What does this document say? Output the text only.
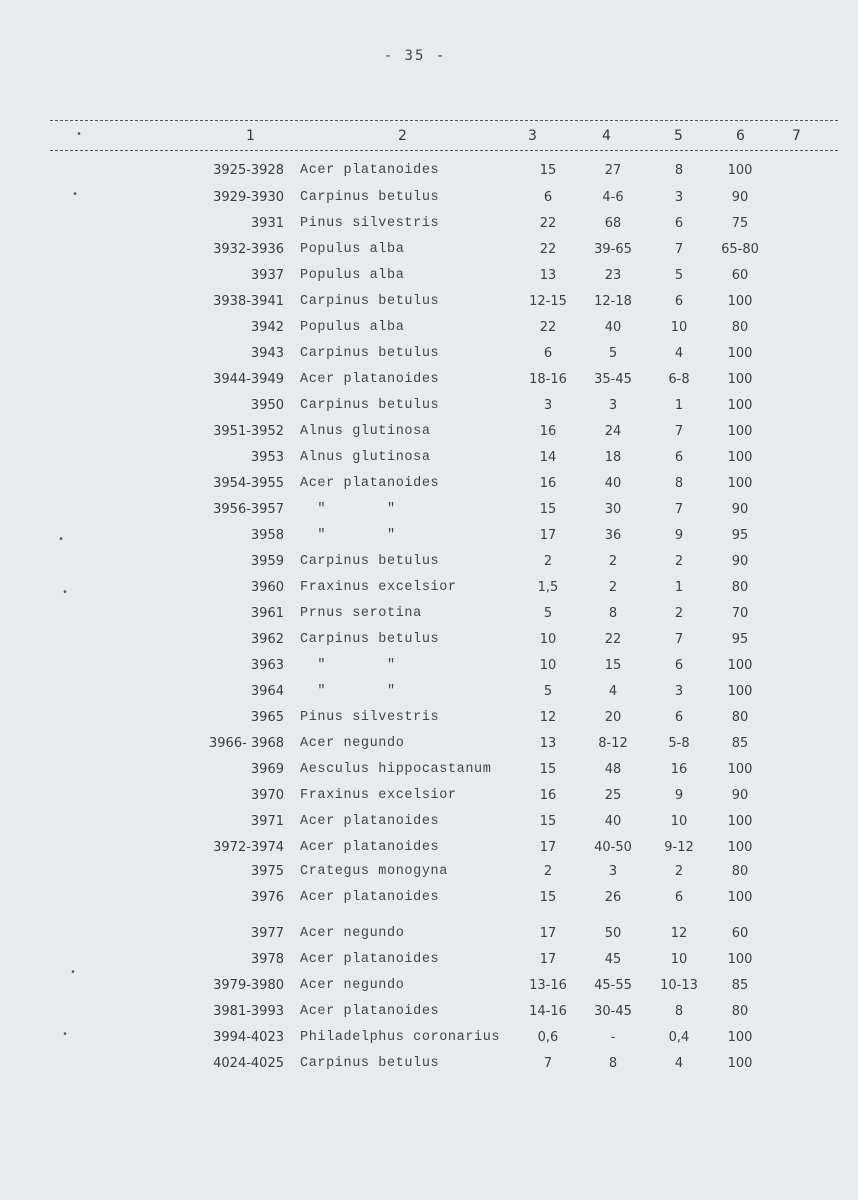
- 35 -
1	2	3	4	5	6	7
3925-3928 Acer platanoides	15	27	8	100
3929-3930 Carpinus betulus	6	4-6	3	90
3931 Pinus silvestris	22	68	6	75
3932-3936 Populus alba	22	39-65	7	65-80
3937 Populus alba	13	23	5	60
3938-3941 Carpinus betulus	12-15	12-18	6	100
3942 Populus alba	22	40	10	80
3943 Carpinus betulus	6	5	4	100
3944-3949 Acer platanoides	18-16	35-45	6-8	100
3950 Carpinus betulus	3	3	1	100
3951-3952 Alnus glutinosa	16	24	7	100
3953 Alnus glutinosa	14	18	6	100
3954-3955 Acer platanoides	16	40	8	100
3956-3957 "       "	15	30	7	90
3958 "       "	17	36	9	95
3959 Carpinus betulus	2	2	2	90
3960 Fraxinus excelsior	1,5	2	1	80
3961 Prnus serotina	5	8	2	70
3962 Carpinus betulus	10	22	7	95
3963 "       "	10	15	6	100
3964 "       "	5	4	3	100
3965 Pinus silvestris	12	20	6	80
3966- 3968 Acer negundo	13	8-12	5-8	85
3969 Aesculus hippocastanum	15	48	16	100
3970 Fraxinus excelsior	16	25	9	90
3971 Acer platanoides	15	40	10	100
3972-3974 Acer platanoides	17	40-50	9-12	100
3975 Crategus monogyna	2	3	2	80
3976 Acer platanoides	15	26	6	100
3977 Acer negundo	17	50	12	60
3978 Acer platanoides	17	45	10	100
3979-3980 Acer negundo	13-16	45-55	10-13	85
3981-3993 Acer platanoides	14-16	30-45	8	80
3994-4023 Philadelphus coronarius	0,6	-	0,4	100
4024-4025 Carpinus betulus	7	8	4	100
•
•
•
•
•
•
